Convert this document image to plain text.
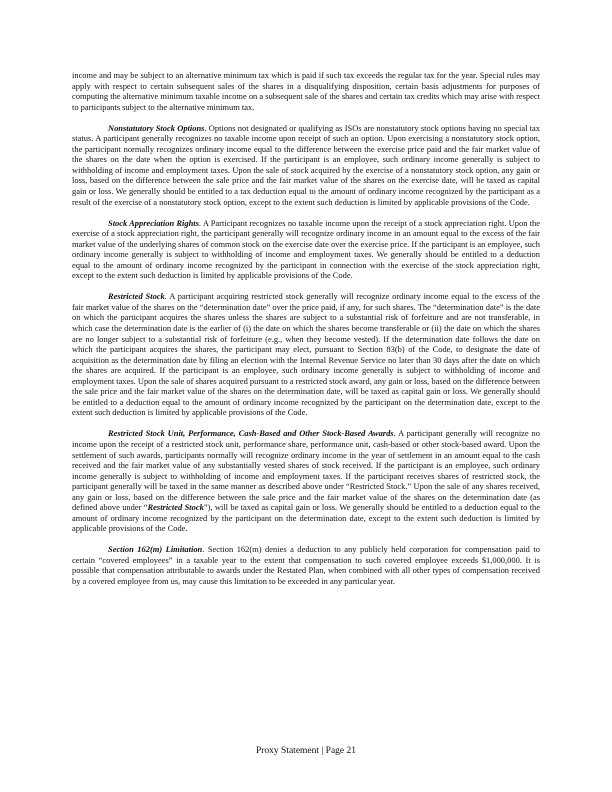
income and may be subject to an alternative minimum tax which is paid if such tax exceeds the regular tax for the year. Special rules may apply with respect to certain subsequent sales of the shares in a disqualifying disposition, certain basis adjustments for purposes of computing the alternative minimum taxable income on a subsequent sale of the shares and certain tax credits which may arise with respect to participants subject to the alternative minimum tax.

Nonstatutory Stock Options. Options not designated or qualifying as ISOs are nonstatutory stock options having no special tax status. A participant generally recognizes no taxable income upon receipt of such an option. Upon exercising a nonstatutory stock option, the participant normally recognizes ordinary income equal to the difference between the exercise price paid and the fair market value of the shares on the date when the option is exercised. If the participant is an employee, such ordinary income generally is subject to withholding of income and employment taxes. Upon the sale of stock acquired by the exercise of a nonstatutory stock option, any gain or loss, based on the difference between the sale price and the fair market value of the shares on the exercise date, will be taxed as capital gain or loss. We generally should be entitled to a tax deduction equal to the amount of ordinary income recognized by the participant as a result of the exercise of a nonstatutory stock option, except to the extent such deduction is limited by applicable provisions of the Code.

Stock Appreciation Rights. A Participant recognizes no taxable income upon the receipt of a stock appreciation right. Upon the exercise of a stock appreciation right, the participant generally will recognize ordinary income in an amount equal to the excess of the fair market value of the underlying shares of common stock on the exercise date over the exercise price. If the participant is an employee, such ordinary income generally is subject to withholding of income and employment taxes. We generally should be entitled to a deduction equal to the amount of ordinary income recognized by the participant in connection with the exercise of the stock appreciation right, except to the extent such deduction is limited by applicable provisions of the Code.

Restricted Stock. A participant acquiring restricted stock generally will recognize ordinary income equal to the excess of the fair market value of the shares on the “determination date” over the price paid, if any, for such shares. The “determination date” is the date on which the participant acquires the shares unless the shares are subject to a substantial risk of forfeiture and are not transferable, in which case the determination date is the earlier of (i) the date on which the shares become transferable or (ii) the date on which the shares are no longer subject to a substantial risk of forfeiture (e.g., when they become vested). If the determination date follows the date on which the participant acquires the shares, the participant may elect, pursuant to Section 83(b) of the Code, to designate the date of acquisition as the determination date by filing an election with the Internal Revenue Service no later than 30 days after the date on which the shares are acquired. If the participant is an employee, such ordinary income generally is subject to withholding of income and employment taxes. Upon the sale of shares acquired pursuant to a restricted stock award, any gain or loss, based on the difference between the sale price and the fair market value of the shares on the determination date, will be taxed as capital gain or loss. We generally should be entitled to a deduction equal to the amount of ordinary income recognized by the participant on the determination date, except to the extent such deduction is limited by applicable provisions of the Code.

Restricted Stock Unit, Performance, Cash-Based and Other Stock-Based Awards. A participant generally will recognize no income upon the receipt of a restricted stock unit, performance share, performance unit, cash-based or other stock-based award. Upon the settlement of such awards, participants normally will recognize ordinary income in the year of settlement in an amount equal to the cash received and the fair market value of any substantially vested shares of stock received. If the participant is an employee, such ordinary income generally is subject to withholding of income and employment taxes. If the participant receives shares of restricted stock, the participant generally will be taxed in the same manner as described above under “Restricted Stock.” Upon the sale of any shares received, any gain or loss, based on the difference between the sale price and the fair market value of the shares on the determination date (as defined above under “Restricted Stock”), will be taxed as capital gain or loss. We generally should be entitled to a deduction equal to the amount of ordinary income recognized by the participant on the determination date, except to the extent such deduction is limited by applicable provisions of the Code.

Section 162(m) Limitation. Section 162(m) denies a deduction to any publicly held corporation for compensation paid to certain “covered employees” in a taxable year to the extent that compensation to such covered employee exceeds $1,000,000. It is possible that compensation attributable to awards under the Restated Plan, when combined with all other types of compensation received by a covered employee from us, may cause this limitation to be exceeded in any particular year.

Proxy Statement | Page 21
